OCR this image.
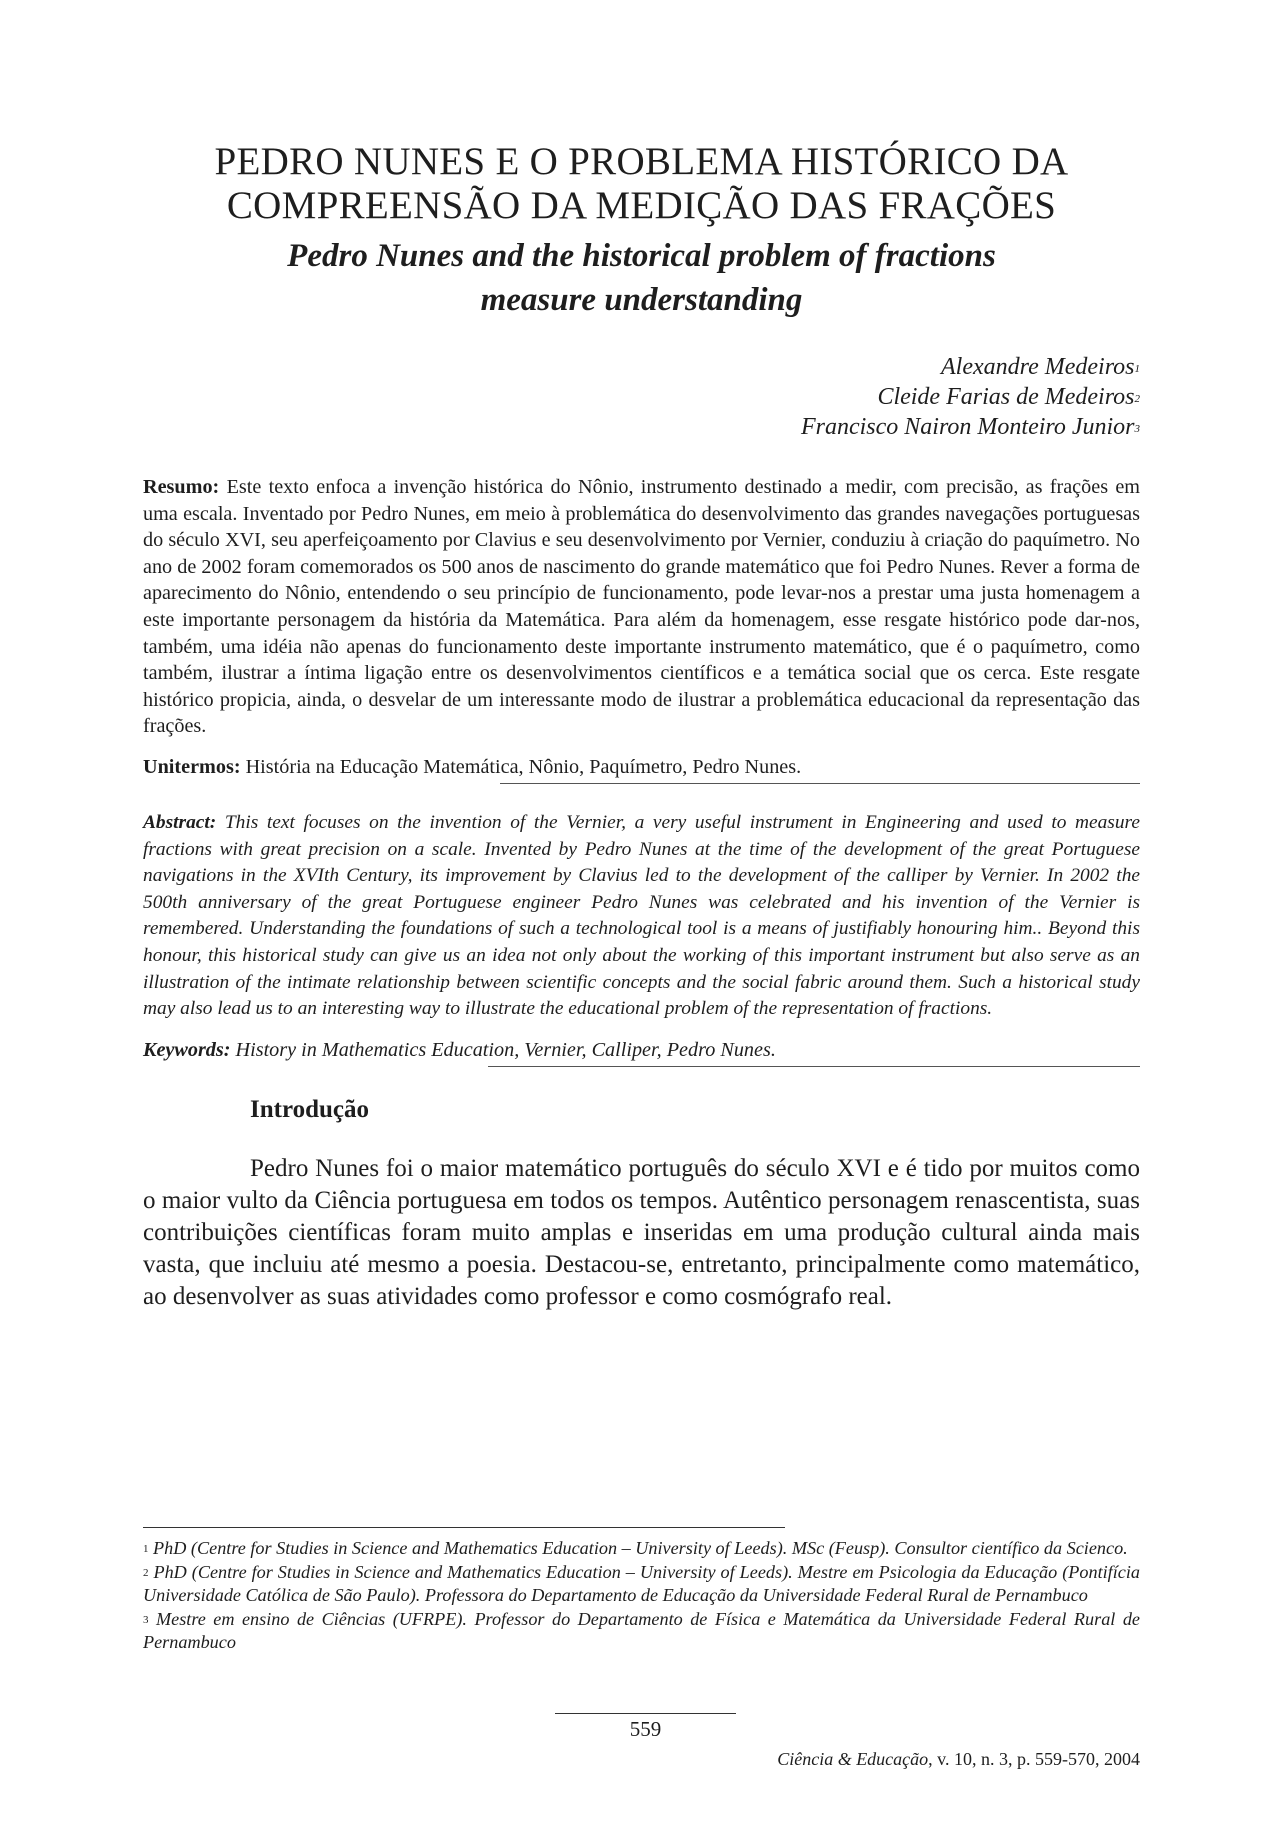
PEDRO NUNES E O PROBLEMA HISTÓRICO DA
COMPREENSÃO DA MEDIÇÃO DAS FRAÇÕES
Pedro Nunes and the historical problem of fractions
measure understanding
Alexandre Medeiros$^1$
Cleide Farias de Medeiros$^2$
Francisco Nairon Monteiro Junior$^3$
Resumo: Este texto enfoca a invenção histórica do Nônio, instrumento destinado a medir, com precisão, as frações em uma escala. Inventado por Pedro Nunes, em meio à problemática do desenvolvimento das grandes navegações portuguesas do século XVI, seu aperfeiçoamento por Clavius e seu desenvolvimento por Vernier, conduziu à criação do paquímetro. No ano de 2002 foram comemorados os 500 anos de nascimento do grande matemático que foi Pedro Nunes. Rever a forma de aparecimento do Nônio, entendendo o seu princípio de funcionamento, pode levar-nos a prestar uma justa homenagem a este importante personagem da história da Matemática. Para além da homenagem, esse resgate histórico pode dar-nos, também, uma idéia não apenas do funcionamento deste importante instrumento matemático, que é o paquímetro, como também, ilustrar a íntima ligação entre os desenvolvimentos científicos e a temática social que os cerca. Este resgate histórico propicia, ainda, o desvelar de um interessante modo de ilustrar a problemática educacional da representação das frações.
Unitermos: História na Educação Matemática, Nônio, Paquímetro, Pedro Nunes.
Abstract: This text focuses on the invention of the Vernier, a very useful instrument in Engineering and used to measure fractions with great precision on a scale. Invented by Pedro Nunes at the time of the development of the great Portuguese navigations in the XVIth Century, its improvement by Clavius led to the development of the calliper by Vernier. In 2002 the 500th anniversary of the great Portuguese engineer Pedro Nunes was celebrated and his invention of the Vernier is remembered. Understanding the foundations of such a technological tool is a means of justifiably honouring him.. Beyond this honour, this historical study can give us an idea not only about the working of this important instrument but also serve as an illustration of the intimate relationship between scientific concepts and the social fabric around them. Such a historical study may also lead us to an interesting way to illustrate the educational problem of the representation of fractions.
Keywords: History in Mathematics Education, Vernier, Calliper, Pedro Nunes.
Introdução
Pedro Nunes foi o maior matemático português do século XVI e é tido por muitos como o maior vulto da Ciência portuguesa em todos os tempos. Autêntico personagem renascentista, suas contribuições científicas foram muito amplas e inseridas em uma produção cultural ainda mais vasta, que incluiu até mesmo a poesia. Destacou-se, entretanto, principalmente como matemático, ao desenvolver as suas atividades como professor e como cosmógrafo real.

$^1$ PhD (Centre for Studies in Science and Mathematics Education – University of Leeds). MSc (Feusp). Consultor científico da Scienco.

$^2$ PhD (Centre for Studies in Science and Mathematics Education – University of Leeds). Mestre em Psicologia da Educação (Pontifícia Universidade Católica de São Paulo). Professora do Departamento de Educação da Universidade Federal Rural de Pernambuco

$^3$ Mestre em ensino de Ciências (UFRPE). Professor do Departamento de Física e Matemática da Universidade Federal Rural de Pernambuco

559
Ciência & Educação, v. 10, n. 3, p. 559-570, 2004
